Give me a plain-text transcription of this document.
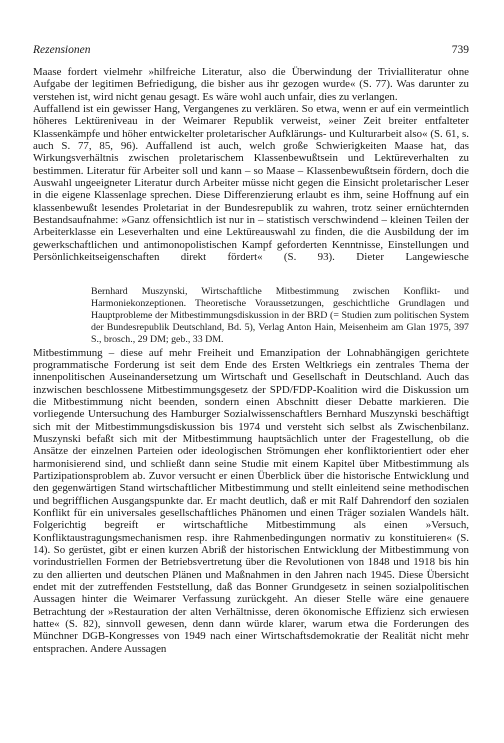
Rezensionen	739

Maase fordert vielmehr »hilfreiche Literatur, also die Überwindung der Trivialliteratur ohne Aufgabe der legitimen Befriedigung, die bisher aus ihr gezogen wurde« (S. 77). Was darunter zu verstehen ist, wird nicht genau gesagt. Es wäre wohl auch unfair, dies zu verlangen.

Auffallend ist ein gewisser Hang, Vergangenes zu verklären. So etwa, wenn er auf ein vermeintlich höheres Lektüreniveau in der Weimarer Republik verweist, »einer Zeit breiter entfalteter Klassenkämpfe und höher entwickelter proletarischer Aufklärungs- und Kulturarbeit also« (S. 61, s. auch S. 77, 85, 96). Auffallend ist auch, welch große Schwierigkeiten Maase hat, das Wirkungsverhältnis zwischen proletarischem Klassenbewußtsein und Lektüreverhalten zu bestimmen. Literatur für Arbeiter soll und kann – so Maase – Klassenbewußtsein fördern, doch die Auswahl ungeeigneter Literatur durch Arbeiter müsse nicht gegen die Einsicht proletarischer Leser in die eigene Klassenlage sprechen. Diese Differenzierung erlaubt es ihm, seine Hoffnung auf ein klassenbewußt lesendes Proletariat in der Bundesrepublik zu wahren, trotz seiner ernüchternden Bestandsaufnahme: »Ganz offensichtlich ist nur in – statistisch verschwindend – kleinen Teilen der Arbeiterklasse ein Leseverhalten und eine Lektüreauswahl zu finden, die die Ausbildung der im gewerkschaftlichen und antimonopolistischen Kampf geforderten Kenntnisse, Einstellungen und Persönlichkeitseigenschaften direkt fördert« (S. 93). Dieter Langewiesche

Bernhard Muszynski, Wirtschaftliche Mitbestimmung zwischen Konflikt- und Harmoniekonzeptionen. Theoretische Voraussetzungen, geschichtliche Grundlagen und Hauptprobleme der Mitbestimmungsdiskussion in der BRD (= Studien zum politischen System der Bundesrepublik Deutschland, Bd. 5), Verlag Anton Hain, Meisenheim am Glan 1975, 397 S., brosch., 29 DM; geb., 33 DM.

Mitbestimmung – diese auf mehr Freiheit und Emanzipation der Lohnabhängigen gerichtete programmatische Forderung ist seit dem Ende des Ersten Weltkriegs ein zentrales Thema der innenpolitischen Auseinandersetzung um Wirtschaft und Gesellschaft in Deutschland. Auch das inzwischen beschlossene Mitbestimmungsgesetz der SPD/FDP-Koalition wird die Diskussion um die Mitbestimmung nicht beenden, sondern einen Abschnitt dieser Debatte markieren. Die vorliegende Untersuchung des Hamburger Sozialwissenschaftlers Bernhard Muszynski beschäftigt sich mit der Mitbestimmungsdiskussion bis 1974 und versteht sich selbst als Zwischenbilanz. Muszynski befaßt sich mit der Mitbestimmung hauptsächlich unter der Fragestellung, ob die Ansätze der einzelnen Parteien oder ideologischen Strömungen eher konfliktorientiert oder eher harmonisierend sind, und schließt dann seine Studie mit einem Kapitel über Mitbestimmung als Partizipationsproblem ab. Zuvor versucht er einen Überblick über die historische Entwicklung und den gegenwärtigen Stand wirtschaftlicher Mitbestimmung und stellt einleitend seine methodischen und begrifflichen Ausgangspunkte dar. Er macht deutlich, daß er mit Ralf Dahrendorf den sozialen Konflikt für ein universales gesellschaftliches Phänomen und einen Träger sozialen Wandels hält. Folgerichtig begreift er wirtschaftliche Mitbestimmung als einen »Versuch, Konfliktaustragungsmechanismen resp. ihre Rahmenbedingungen normativ zu konstituieren« (S. 14). So gerüstet, gibt er einen kurzen Abriß der historischen Entwicklung der Mitbestimmung von vorindustriellen Formen der Betriebsvertretung über die Revolutionen von 1848 und 1918 bis hin zu den allierten und deutschen Plänen und Maßnahmen in den Jahren nach 1945. Diese Übersicht endet mit der zutreffenden Feststellung, daß das Bonner Grundgesetz in seinen sozialpolitischen Aussagen hinter die Weimarer Verfassung zurückgeht. An dieser Stelle wäre eine genauere Betrachtung der »Restauration der alten Verhältnisse, deren ökonomische Effizienz sich erwiesen hatte« (S. 82), sinnvoll gewesen, denn dann würde klarer, warum etwa die Forderungen des Münchner DGB-Kongresses von 1949 nach einer Wirtschaftsdemokratie der Realität nicht mehr entsprachen. Andere Aussagen
